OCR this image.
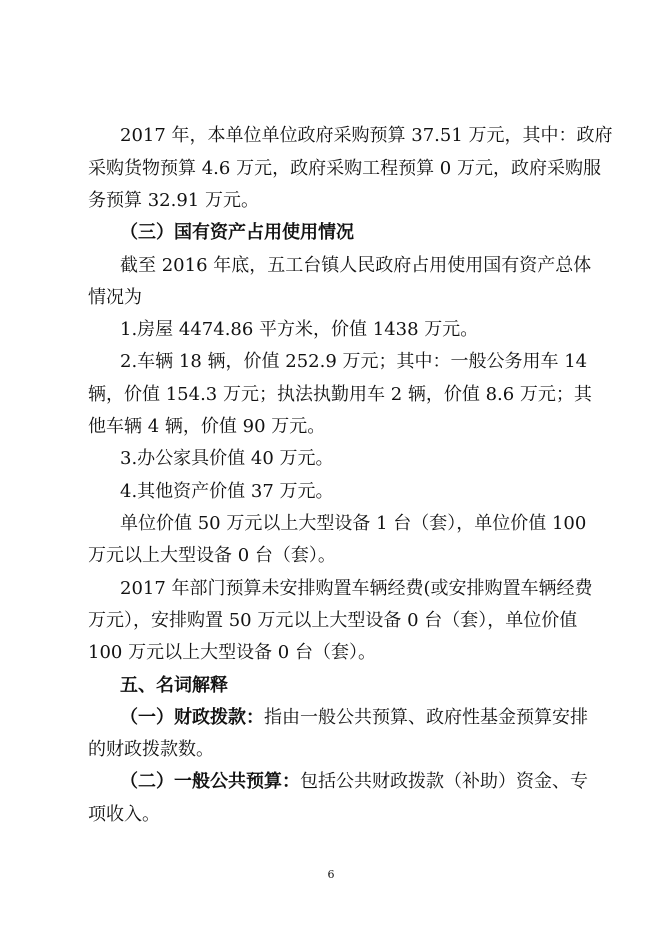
2017 年，本单位单位政府采购预算 37.51 万元，其中：政府
采购货物预算 4.6 万元，政府采购工程预算 0 万元，政府采购服
务预算 32.91 万元。
（三）国有资产占用使用情况
截至 2016 年底，五工台镇人民政府占用使用国有资产总体
情况为
1.房屋 4474.86 平方米，价值 1438 万元。
2.车辆 18 辆，价值 252.9 万元；其中：一般公务用车 14
辆，价值 154.3 万元；执法执勤用车 2 辆，价值 8.6 万元；其
他车辆 4 辆，价值 90 万元。
3.办公家具价值 40 万元。
4.其他资产价值 37 万元。
单位价值 50 万元以上大型设备 1 台（套），单位价值 100
万元以上大型设备 0 台（套）。
2017 年部门预算未安排购置车辆经费(或安排购置车辆经费
万元），安排购置 50 万元以上大型设备 0 台（套），单位价值
100 万元以上大型设备 0 台（套）。
五、名词解释
（一）财政拨款：指由一般公共预算、政府性基金预算安排
的财政拨款数。
（二）一般公共预算：包括公共财政拨款（补助）资金、专
项收入。
6
